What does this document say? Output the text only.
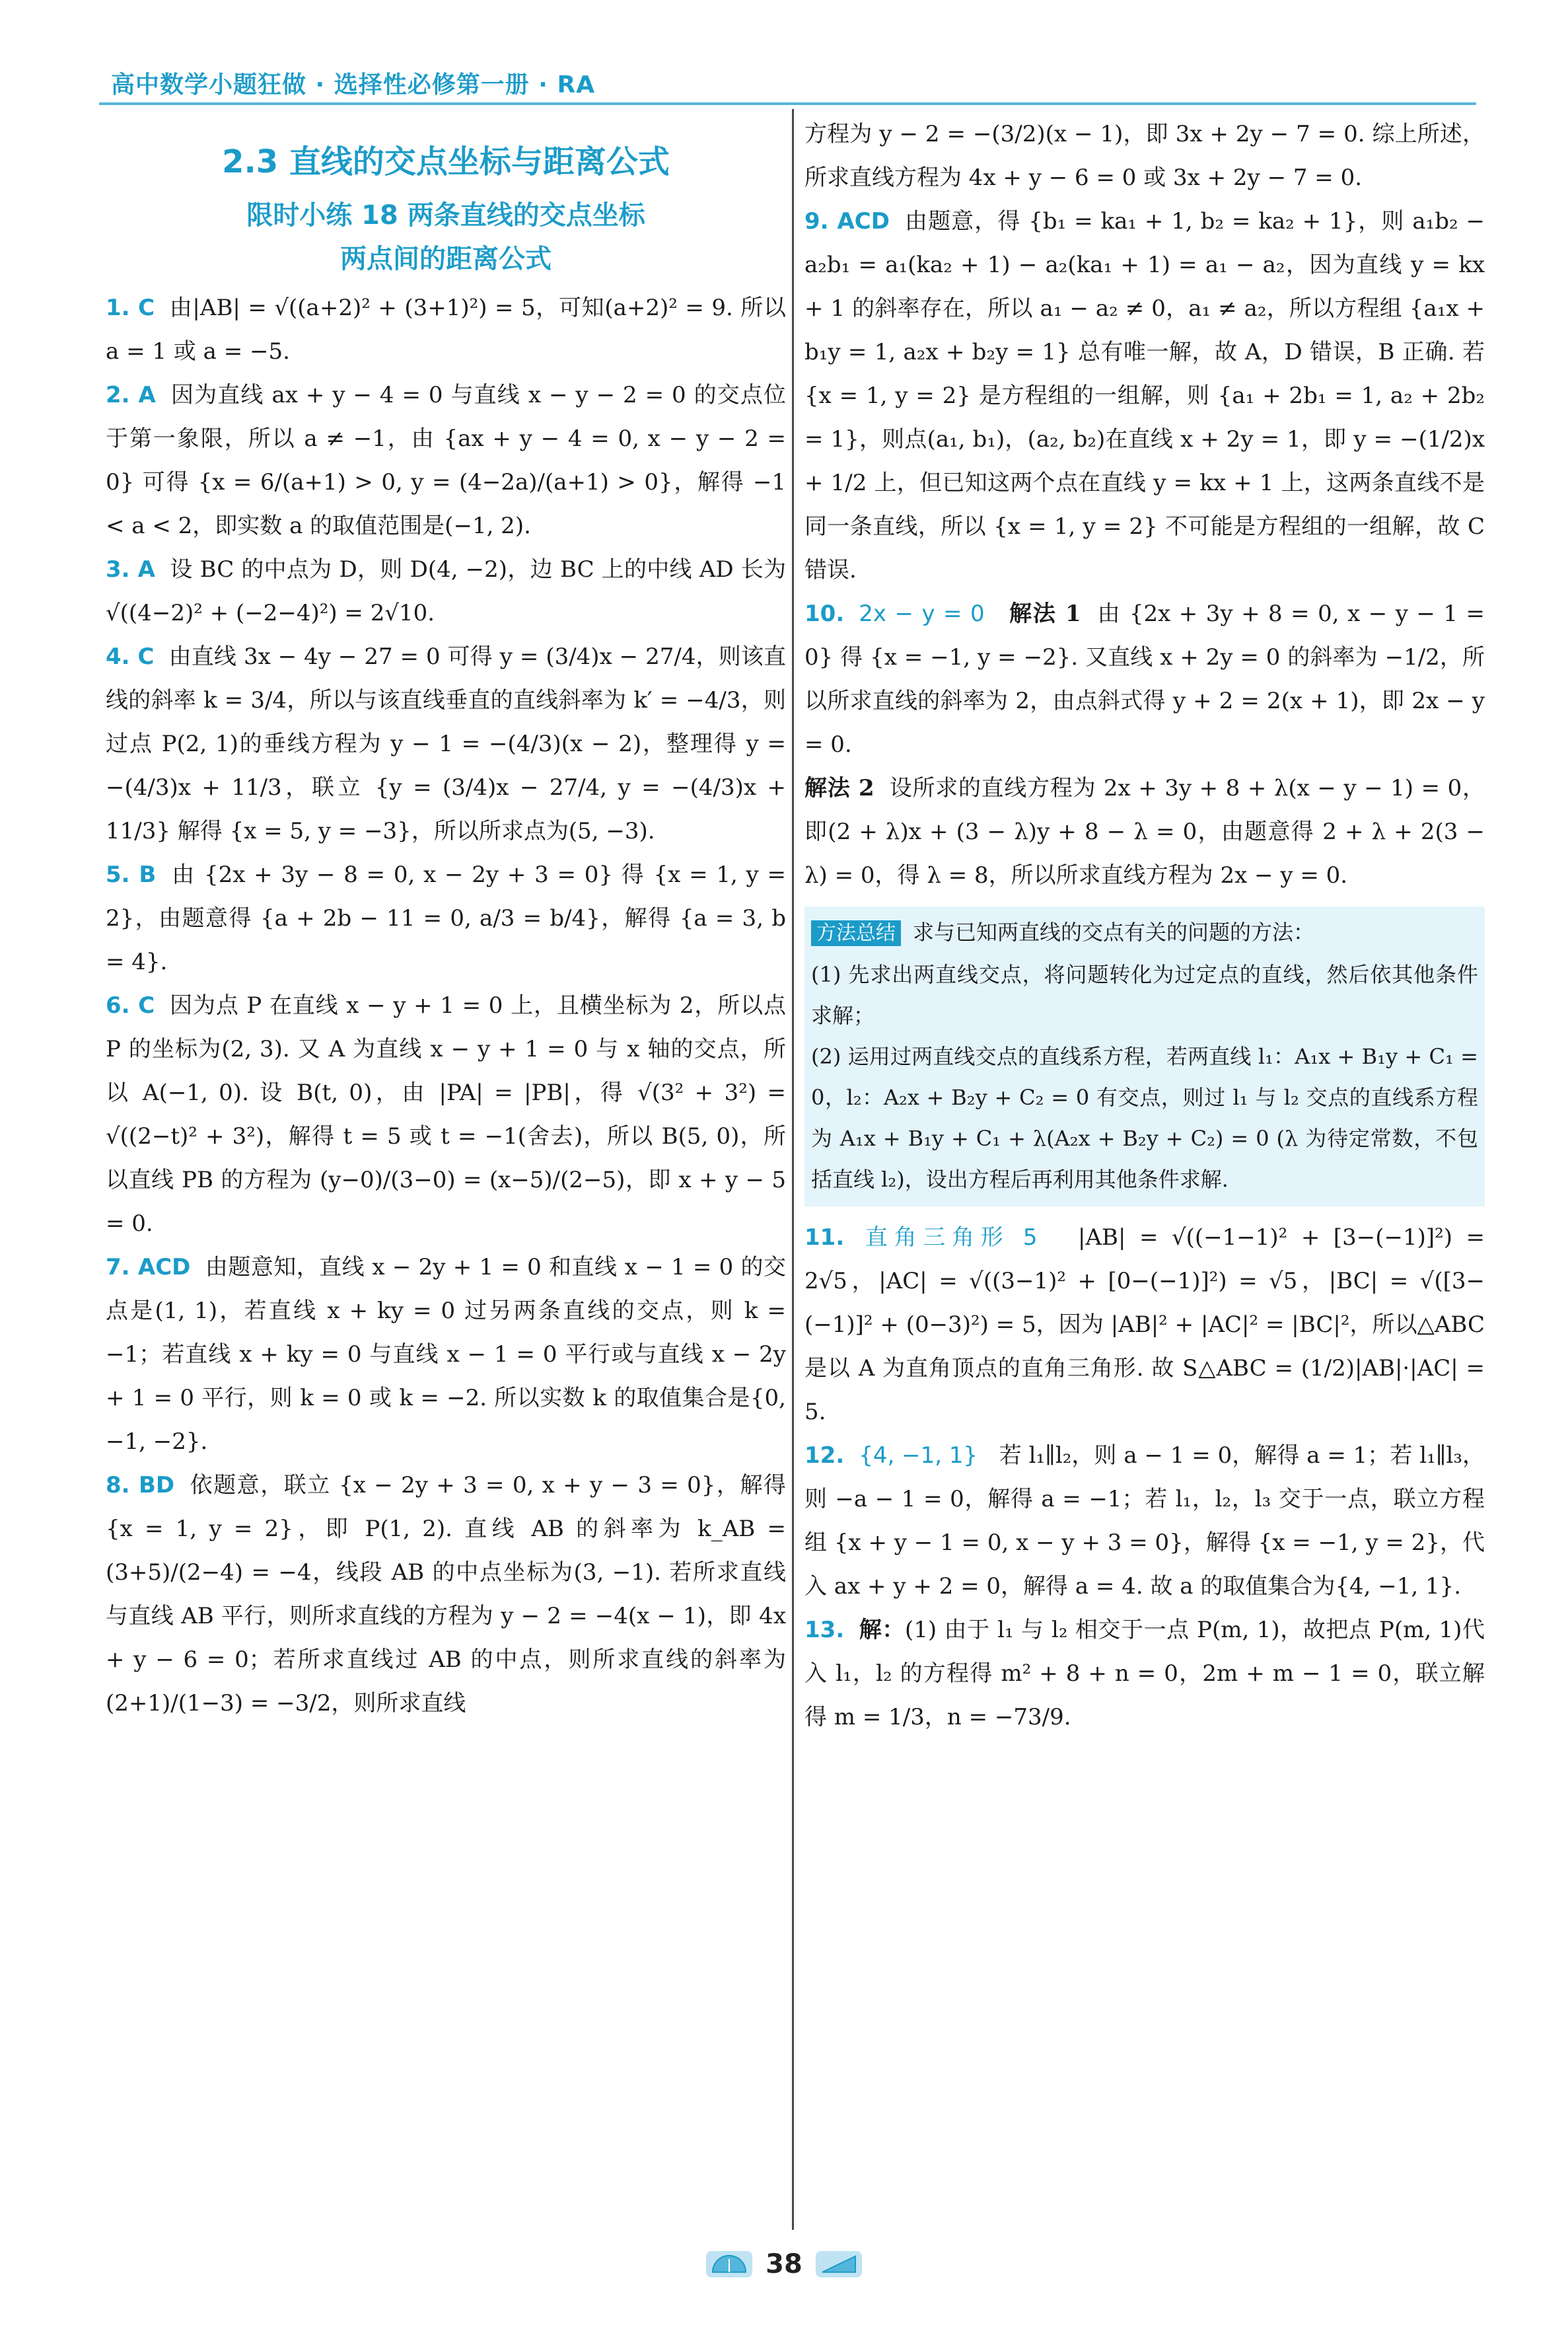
高中数学小题狂做 · 选择性必修第一册 · RA
2.3 直线的交点坐标与距离公式
限时小练 18 两条直线的交点坐标
两点间的距离公式

1. C 由|AB| = √((a+2)² + (3+1)²) = 5，可知(a+2)² = 9. 所以 a = 1 或 a = −5.

2. A 因为直线 ax + y − 4 = 0 与直线 x − y − 2 = 0 的交点位于第一象限，所以 a ≠ −1，由 {ax + y − 4 = 0, x − y − 2 = 0} 可得 {x = 6/(a+1) > 0, y = (4−2a)/(a+1) > 0}，解得 −1 < a < 2，即实数 a 的取值范围是(−1, 2).

3. A 设 BC 的中点为 D，则 D(4, −2)，边 BC 上的中线 AD 长为 √((4−2)² + (−2−4)²) = 2√10.

4. C 由直线 3x − 4y − 27 = 0 可得 y = (3/4)x − 27/4，则该直线的斜率 k = 3/4，所以与该直线垂直的直线斜率为 k′ = −4/3，则过点 P(2, 1)的垂线方程为 y − 1 = −(4/3)(x − 2)，整理得 y = −(4/3)x + 11/3，联立 {y = (3/4)x − 27/4, y = −(4/3)x + 11/3} 解得 {x = 5, y = −3}，所以所求点为(5, −3).

5. B 由 {2x + 3y − 8 = 0, x − 2y + 3 = 0} 得 {x = 1, y = 2}，由题意得 {a + 2b − 11 = 0, a/3 = b/4}，解得 {a = 3, b = 4}.

6. C 因为点 P 在直线 x − y + 1 = 0 上，且横坐标为 2，所以点 P 的坐标为(2, 3). 又 A 为直线 x − y + 1 = 0 与 x 轴的交点，所以 A(−1, 0). 设 B(t, 0)，由 |PA| = |PB|，得 √(3² + 3²) = √((2−t)² + 3²)，解得 t = 5 或 t = −1(舍去)，所以 B(5, 0)，所以直线 PB 的方程为 (y−0)/(3−0) = (x−5)/(2−5)，即 x + y − 5 = 0.

7. ACD 由题意知，直线 x − 2y + 1 = 0 和直线 x − 1 = 0 的交点是(1, 1)，若直线 x + ky = 0 过另两条直线的交点，则 k = −1；若直线 x + ky = 0 与直线 x − 1 = 0 平行或与直线 x − 2y + 1 = 0 平行，则 k = 0 或 k = −2. 所以实数 k 的取值集合是{0, −1, −2}.

8. BD 依题意，联立 {x − 2y + 3 = 0, x + y − 3 = 0}，解得 {x = 1, y = 2}，即 P(1, 2). 直线 AB 的斜率为 k_AB = (3+5)/(2−4) = −4，线段 AB 的中点坐标为(3, −1). 若所求直线与直线 AB 平行，则所求直线的方程为 y − 2 = −4(x − 1)，即 4x + y − 6 = 0；若所求直线过 AB 的中点，则所求直线的斜率为 (2+1)/(1−3) = −3/2，则所求直线

方程为 y − 2 = −(3/2)(x − 1)，即 3x + 2y − 7 = 0. 综上所述，所求直线方程为 4x + y − 6 = 0 或 3x + 2y − 7 = 0.

9. ACD 由题意，得 {b₁ = ka₁ + 1, b₂ = ka₂ + 1}，则 a₁b₂ − a₂b₁ = a₁(ka₂ + 1) − a₂(ka₁ + 1) = a₁ − a₂，因为直线 y = kx + 1 的斜率存在，所以 a₁ − a₂ ≠ 0，a₁ ≠ a₂，所以方程组 {a₁x + b₁y = 1, a₂x + b₂y = 1} 总有唯一解，故 A，D 错误，B 正确. 若 {x = 1, y = 2} 是方程组的一组解，则 {a₁ + 2b₁ = 1, a₂ + 2b₂ = 1}，则点(a₁, b₁)，(a₂, b₂)在直线 x + 2y = 1，即 y = −(1/2)x + 1/2 上，但已知这两个点在直线 y = kx + 1 上，这两条直线不是同一条直线，所以 {x = 1, y = 2} 不可能是方程组的一组解，故 C 错误.

10. 2x − y = 0 解法 1 由 {2x + 3y + 8 = 0, x − y − 1 = 0} 得 {x = −1, y = −2}. 又直线 x + 2y = 0 的斜率为 −1/2，所以所求直线的斜率为 2，由点斜式得 y + 2 = 2(x + 1)，即 2x − y = 0.

解法 2 设所求的直线方程为 2x + 3y + 8 + λ(x − y − 1) = 0，即(2 + λ)x + (3 − λ)y + 8 − λ = 0，由题意得 2 + λ + 2(3 − λ) = 0，得 λ = 8，所以所求直线方程为 2x − y = 0.

方法总结 求与已知两直线的交点有关的问题的方法：

(1) 先求出两直线交点，将问题转化为过定点的直线，然后依其他条件求解；

(2) 运用过两直线交点的直线系方程，若两直线 l₁：A₁x + B₁y + C₁ = 0，l₂：A₂x + B₂y + C₂ = 0 有交点，则过 l₁ 与 l₂ 交点的直线系方程为 A₁x + B₁y + C₁ + λ(A₂x + B₂y + C₂) = 0 (λ 为待定常数，不包括直线 l₂)，设出方程后再利用其他条件求解.

11. 直角三角形 5 |AB| = √((−1−1)² + [3−(−1)]²) = 2√5，|AC| = √((3−1)² + [0−(−1)]²) = √5，|BC| = √([3−(−1)]² + (0−3)²) = 5，因为 |AB|² + |AC|² = |BC|²，所以△ABC 是以 A 为直角顶点的直角三角形. 故 S△ABC = (1/2)|AB|·|AC| = 5.

12. {4, −1, 1} 若 l₁∥l₂，则 a − 1 = 0，解得 a = 1；若 l₁∥l₃，则 −a − 1 = 0，解得 a = −1；若 l₁，l₂，l₃ 交于一点，联立方程组 {x + y − 1 = 0, x − y + 3 = 0}，解得 {x = −1, y = 2}，代入 ax + y + 2 = 0，解得 a = 4. 故 a 的取值集合为{4, −1, 1}.

13. 解：(1) 由于 l₁ 与 l₂ 相交于一点 P(m, 1)，故把点 P(m, 1)代入 l₁，l₂ 的方程得 m² + 8 + n = 0，2m + m − 1 = 0，联立解得 m = 1/3，n = −73/9.

38
